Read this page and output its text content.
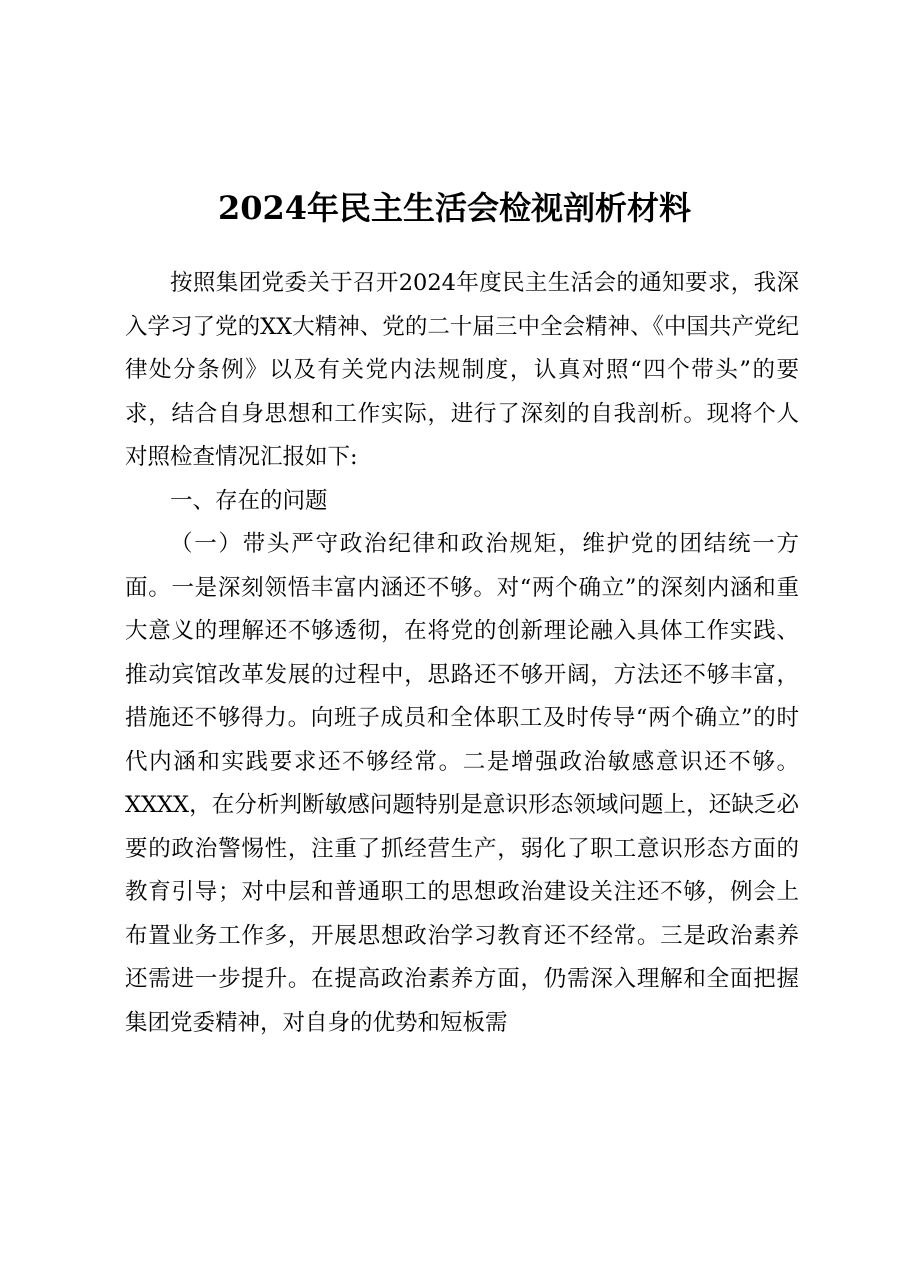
2024年民主生活会检视剖析材料

按照集团党委关于召开2024年度民主生活会的通知要求，我深入学习了党的XX大精神、党的二十届三中全会精神、《中国共产党纪律处分条例》以及有关党内法规制度，认真对照“四个带头”的要求，结合自身思想和工作实际，进行了深刻的自我剖析。现将个人对照检查情况汇报如下:

一、存在的问题

（一）带头严守政治纪律和政治规矩，维护党的团结统一方面。一是深刻领悟丰富内涵还不够。对“两个确立”的深刻内涵和重大意义的理解还不够透彻，在将党的创新理论融入具体工作实践、推动宾馆改革发展的过程中，思路还不够开阔，方法还不够丰富，措施还不够得力。向班子成员和全体职工及时传导“两个确立”的时代内涵和实践要求还不够经常。二是增强政治敏感意识还不够。XXXX，在分析判断敏感问题特别是意识形态领域问题上，还缺乏必要的政治警惕性，注重了抓经营生产，弱化了职工意识形态方面的教育引导；对中层和普通职工的思想政治建设关注还不够，例会上布置业务工作多，开展思想政治学习教育还不经常。三是政治素养还需进一步提升。在提高政治素养方面，仍需深入理解和全面把握集团党委精神，对自身的优势和短板需
